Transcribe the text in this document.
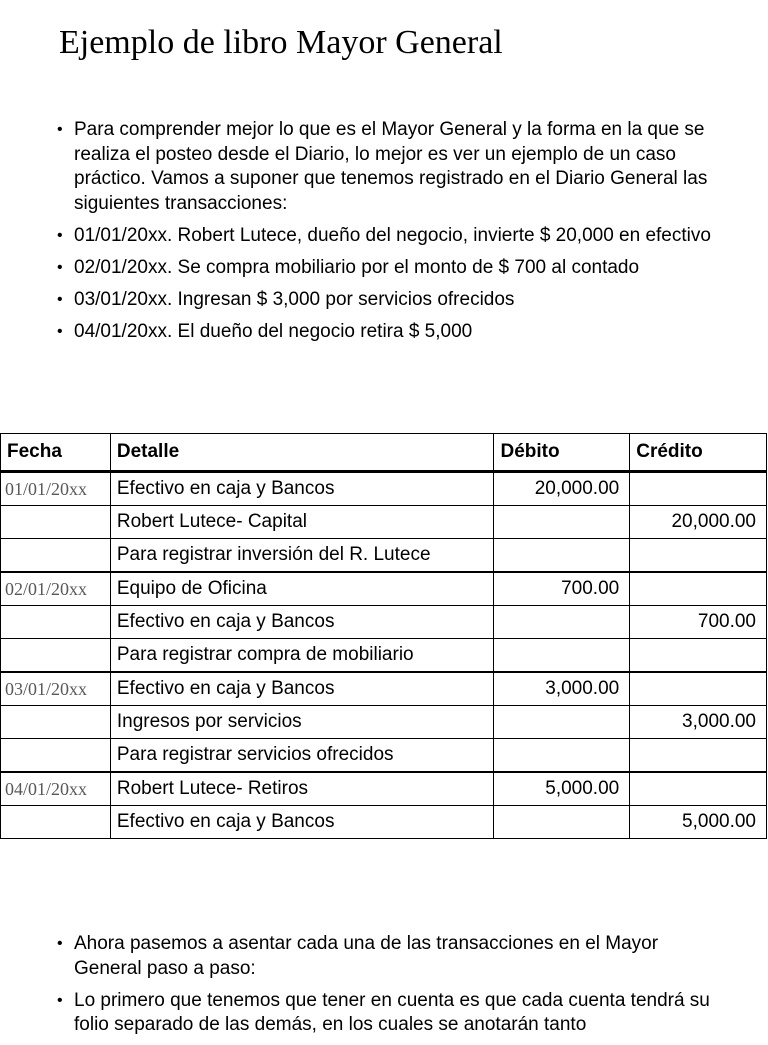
Ejemplo de libro Mayor General
• Para comprender mejor lo que es el Mayor General y la forma en la que se realiza el posteo desde el Diario, lo mejor es ver un ejemplo de un caso práctico. Vamos a suponer que tenemos registrado en el Diario General las siguientes transacciones:
• 01/01/20xx. Robert Lutece, dueño del negocio, invierte $ 20,000 en efectivo
• 02/01/20xx. Se compra mobiliario por el monto de $ 700 al contado
• 03/01/20xx. Ingresan $ 3,000 por servicios ofrecidos
• 04/01/20xx. El dueño del negocio retira $ 5,000
Fecha	Detalle	Débito	Crédito
01/01/20xx	Efectivo en caja y Bancos	20,000.00	
	Robert Lutece- Capital		20,000.00
	Para registrar inversión del R. Lutece		
02/01/20xx	Equipo de Oficina	700.00	
	Efectivo en caja y Bancos		700.00
	Para registrar compra de mobiliario		
03/01/20xx	Efectivo en caja y Bancos	3,000.00	
	Ingresos por servicios		3,000.00
	Para registrar servicios ofrecidos		
04/01/20xx	Robert Lutece- Retiros	5,000.00	
	Efectivo en caja y Bancos		5,000.00
• Ahora pasemos a asentar cada una de las transacciones en el Mayor General paso a paso:
• Lo primero que tenemos que tener en cuenta es que cada cuenta tendrá su folio separado de las demás, en los cuales se anotarán tanto
